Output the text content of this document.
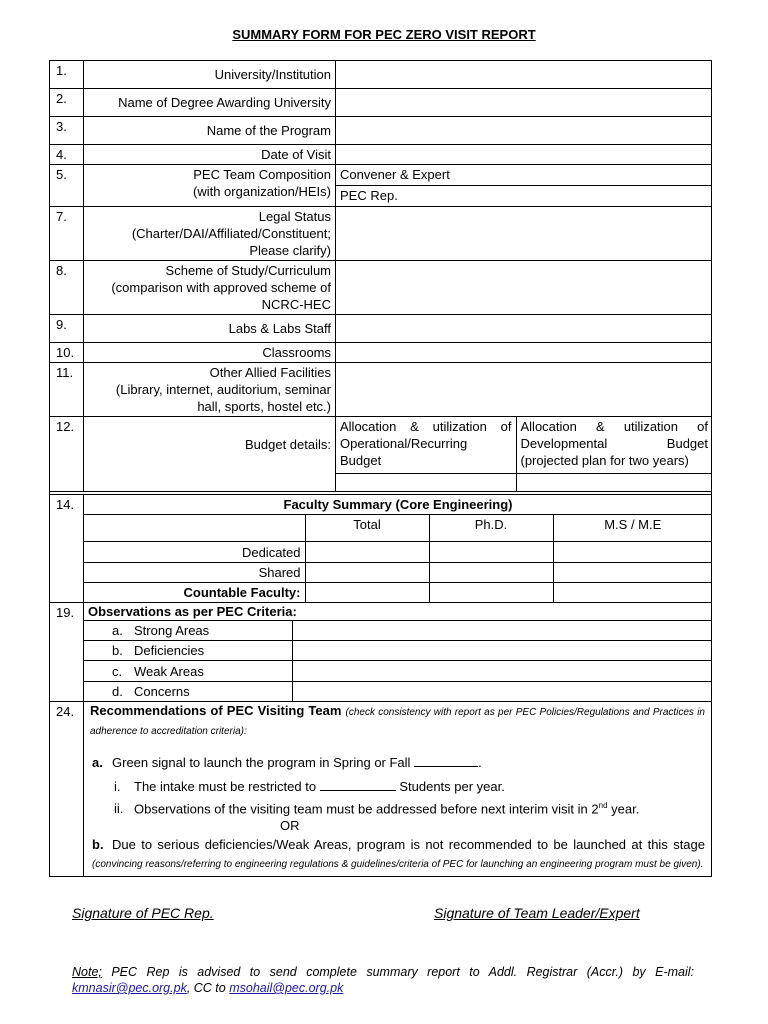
SUMMARY FORM FOR PEC ZERO VISIT REPORT
1.	University/Institution	
2.	Name of Degree Awarding University	
3.	Name of the Program	
4.	Date of Visit	
5.	PEC Team Composition
(with organization/HEIs)

Convener & Expert
PEC Rep.

7.	Legal Status
(Charter/DAI/Affiliated/Constituent;
Please clarify)

8.	Scheme of Study/Curriculum
(comparison with approved scheme of
NCRC-HEC

9.	Labs & Labs Staff	
10.	Classrooms	
11.	Other Allied Facilities
(Library, internet, auditorium, seminar
hall, sports, hostel etc.)

12.	Budget details:	
Allocation & utilization of Operational/Recurring Budget	Allocation & utilization of Developmental Budget (projected plan for two years)

14.		Faculty Summary (Core Engineering)
	Total	Ph.D.	M.S / M.E
Dedicated			
Shared			
Countable Faculty:			

19.	Observations as per PEC Criteria:
a. Strong Areas	
b. Deficiencies	
c. Weak Areas	
d. Concerns	

24.	Recommendations of PEC Visiting Team (check consistency with report as per PEC Policies/Regulations and Practices in adherence to accreditation criteria):
a. Green signal to launch the program in Spring or Fall	.
i. The intake must be restricted to	Students per year.
ii. Observations of the visiting team must be addressed before next interim visit in 2nd year.
OR
b. Due to serious deficiencies/Weak Areas, program is not recommended to be launched at this stage (convincing reasons/referring to engineering regulations & guidelines/criteria of PEC for launching an engineering program must be given).
Signature of PEC Rep.	Signature of Team Leader/Expert
Note; PEC Rep is advised to send complete summary report to Addl. Registrar (Accr.) by E-mail: kmnasir@pec.org.pk, CC to msohail@pec.org.pk
